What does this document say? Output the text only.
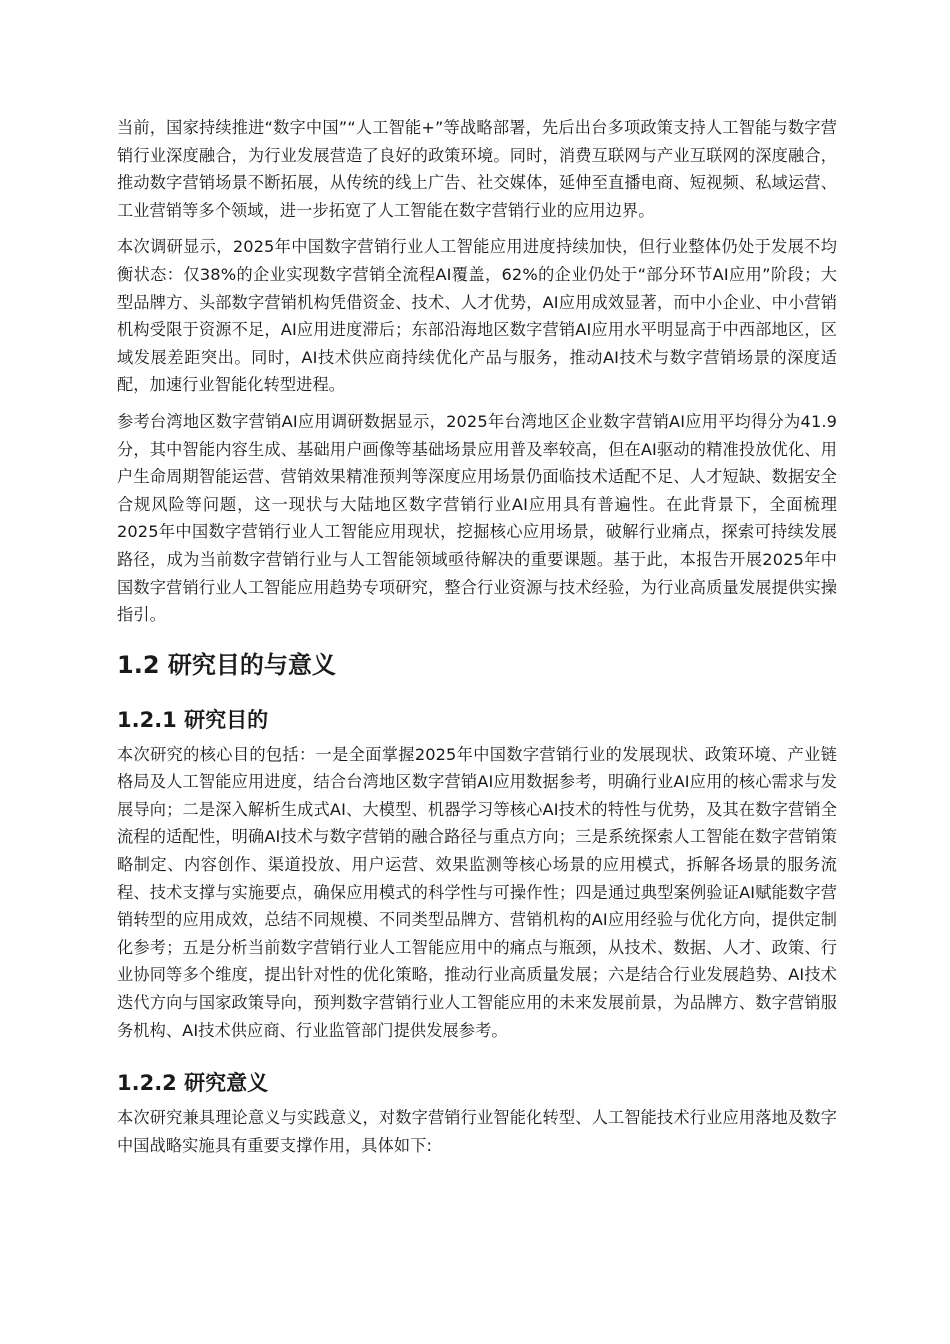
当前，国家持续推进“数字中国”“人工智能+”等战略部署，先后出台多项政策支持人工智能与数字营销行业深度融合，为行业发展营造了良好的政策环境。同时，消费互联网与产业互联网的深度融合，推动数字营销场景不断拓展，从传统的线上广告、社交媒体，延伸至直播电商、短视频、私域运营、工业营销等多个领域，进一步拓宽了人工智能在数字营销行业的应用边界。

本次调研显示，2025年中国数字营销行业人工智能应用进度持续加快，但行业整体仍处于发展不均衡状态：仅38%的企业实现数字营销全流程AI覆盖，62%的企业仍处于“部分环节AI应用”阶段；大型品牌方、头部数字营销机构凭借资金、技术、人才优势，AI应用成效显著，而中小企业、中小营销机构受限于资源不足，AI应用进度滞后；东部沿海地区数字营销AI应用水平明显高于中西部地区，区域发展差距突出。同时，AI技术供应商持续优化产品与服务，推动AI技术与数字营销场景的深度适配，加速行业智能化转型进程。

参考台湾地区数字营销AI应用调研数据显示，2025年台湾地区企业数字营销AI应用平均得分为41.9分，其中智能内容生成、基础用户画像等基础场景应用普及率较高，但在AI驱动的精准投放优化、用户生命周期智能运营、营销效果精准预判等深度应用场景仍面临技术适配不足、人才短缺、数据安全合规风险等问题，这一现状与大陆地区数字营销行业AI应用具有普遍性。在此背景下，全面梳理2025年中国数字营销行业人工智能应用现状，挖掘核心应用场景，破解行业痛点，探索可持续发展路径，成为当前数字营销行业与人工智能领域亟待解决的重要课题。基于此，本报告开展2025年中国数字营销行业人工智能应用趋势专项研究，整合行业资源与技术经验，为行业高质量发展提供实操指引。

1.2 研究目的与意义
1.2.1 研究目的

本次研究的核心目的包括：一是全面掌握2025年中国数字营销行业的发展现状、政策环境、产业链格局及人工智能应用进度，结合台湾地区数字营销AI应用数据参考，明确行业AI应用的核心需求与发展导向；二是深入解析生成式AI、大模型、机器学习等核心AI技术的特性与优势，及其在数字营销全流程的适配性，明确AI技术与数字营销的融合路径与重点方向；三是系统探索人工智能在数字营销策略制定、内容创作、渠道投放、用户运营、效果监测等核心场景的应用模式，拆解各场景的服务流程、技术支撑与实施要点，确保应用模式的科学性与可操作性；四是通过典型案例验证AI赋能数字营销转型的应用成效，总结不同规模、不同类型品牌方、营销机构的AI应用经验与优化方向，提供定制化参考；五是分析当前数字营销行业人工智能应用中的痛点与瓶颈，从技术、数据、人才、政策、行业协同等多个维度，提出针对性的优化策略，推动行业高质量发展；六是结合行业发展趋势、AI技术迭代方向与国家政策导向，预判数字营销行业人工智能应用的未来发展前景，为品牌方、数字营销服务机构、AI技术供应商、行业监管部门提供发展参考。

1.2.2 研究意义

本次研究兼具理论意义与实践意义，对数字营销行业智能化转型、人工智能技术行业应用落地及数字中国战略实施具有重要支撑作用，具体如下:
